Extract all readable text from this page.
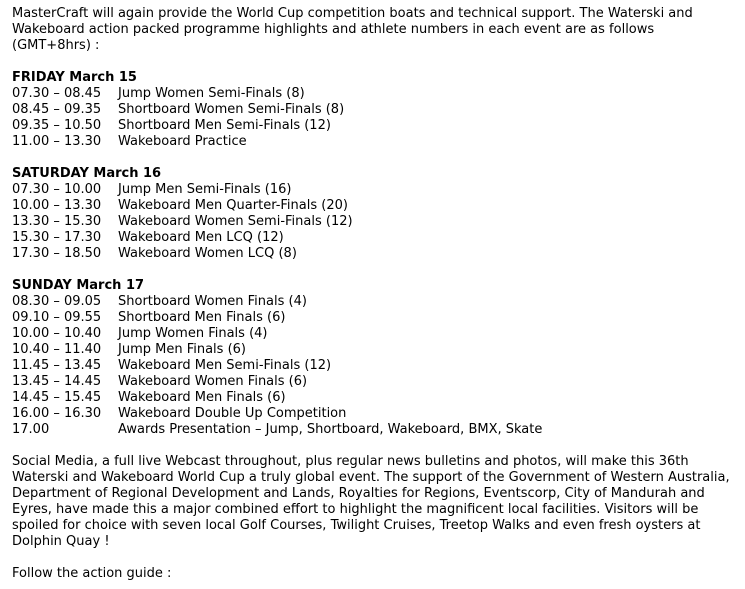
MasterCraft will again provide the World Cup competition boats and technical support. The Waterski and Wakeboard action packed programme highlights and athlete numbers in each event are as follows (GMT+8hrs) :

FRIDAY March 15
07.30 – 08.45	Jump Women Semi-Finals (8)
08.45 – 09.35	Shortboard Women Semi-Finals (8)
09.35 – 10.50	Shortboard Men Semi-Finals (12)
11.00 – 13.30	Wakeboard Practice
SATURDAY March 16
07.30 – 10.00	Jump Men Semi-Finals (16)
10.00 – 13.30	Wakeboard Men Quarter-Finals (20)
13.30 – 15.30	Wakeboard Women Semi-Finals (12)
15.30 – 17.30	Wakeboard Men LCQ (12)
17.30 – 18.50	Wakeboard Women LCQ (8)
SUNDAY March 17
08.30 – 09.05	Shortboard Women Finals (4)
09.10 – 09.55	Shortboard Men Finals (6)
10.00 – 10.40	Jump Women Finals (4)
10.40 – 11.40	Jump Men Finals (6)
11.45 – 13.45	Wakeboard Men Semi-Finals (12)
13.45 – 14.45	Wakeboard Women Finals (6)
14.45 – 15.45	Wakeboard Men Finals (6)
16.00 – 16.30	Wakeboard Double Up Competition
17.00	Awards Presentation – Jump, Shortboard, Wakeboard, BMX, Skate

Social Media, a full live Webcast throughout, plus regular news bulletins and photos, will make this 36th Waterski and Wakeboard World Cup a truly global event. The support of the Government of Western Australia, Department of Regional Development and Lands, Royalties for Regions, Eventscorp, City of Mandurah and Eyres, have made this a major combined effort to highlight the magnificent local facilities. Visitors will be spoiled for choice with seven local Golf Courses, Twilight Cruises, Treetop Walks and even fresh oysters at Dolphin Quay !

Follow the action guide :
